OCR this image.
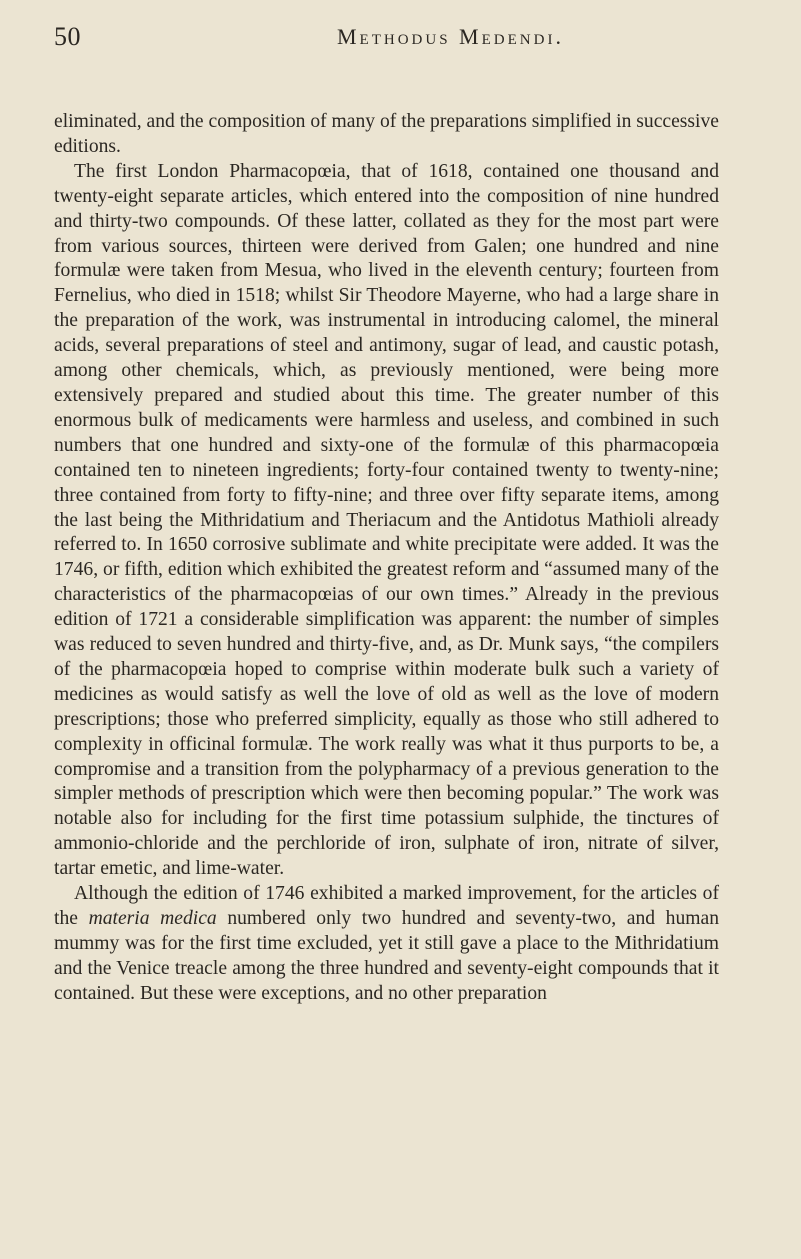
50	Methodus Medendi.

eliminated, and the composition of many of the preparations simplified in successive editions.

The first London Pharmacopœia, that of 1618, contained one thousand and twenty-eight separate articles, which entered into the composition of nine hundred and thirty-two compounds. Of these latter, collated as they for the most part were from various sources, thirteen were derived from Galen; one hundred and nine formulæ were taken from Mesua, who lived in the eleventh century; fourteen from Fernelius, who died in 1518; whilst Sir Theodore Mayerne, who had a large share in the preparation of the work, was instrumental in introducing calomel, the mineral acids, several preparations of steel and antimony, sugar of lead, and caustic potash, among other chemicals, which, as previously mentioned, were being more extensively prepared and studied about this time. The greater number of this enormous bulk of medicaments were harmless and useless, and combined in such numbers that one hundred and sixty-one of the formulæ of this pharmacopœia contained ten to nineteen ingredients; forty-four contained twenty to twenty-nine; three contained from forty to fifty-nine; and three over fifty separate items, among the last being the Mithridatium and Theriacum and the Antidotus Mathioli already referred to. In 1650 corrosive sublimate and white precipitate were added. It was the 1746, or fifth, edition which exhibited the greatest reform and “assumed many of the characteristics of the pharmacopœias of our own times.” Already in the previous edition of 1721 a considerable simplification was apparent: the number of simples was reduced to seven hundred and thirty-five, and, as Dr. Munk says, “the compilers of the pharmacopœia hoped to comprise within moderate bulk such a variety of medicines as would satisfy as well the love of old as well as the love of modern prescriptions; those who preferred simplicity, equally as those who still adhered to complexity in officinal formulæ. The work really was what it thus purports to be, a compromise and a transition from the polypharmacy of a previous generation to the simpler methods of prescription which were then becoming popular.” The work was notable also for including for the first time potassium sulphide, the tinctures of ammonio-chloride and the perchloride of iron, sulphate of iron, nitrate of silver, tartar emetic, and lime-water.

Although the edition of 1746 exhibited a marked improvement, for the articles of the materia medica numbered only two hundred and seventy-two, and human mummy was for the first time excluded, yet it still gave a place to the Mithridatium and the Venice treacle among the three hundred and seventy-eight compounds that it contained. But these were exceptions, and no other preparation
